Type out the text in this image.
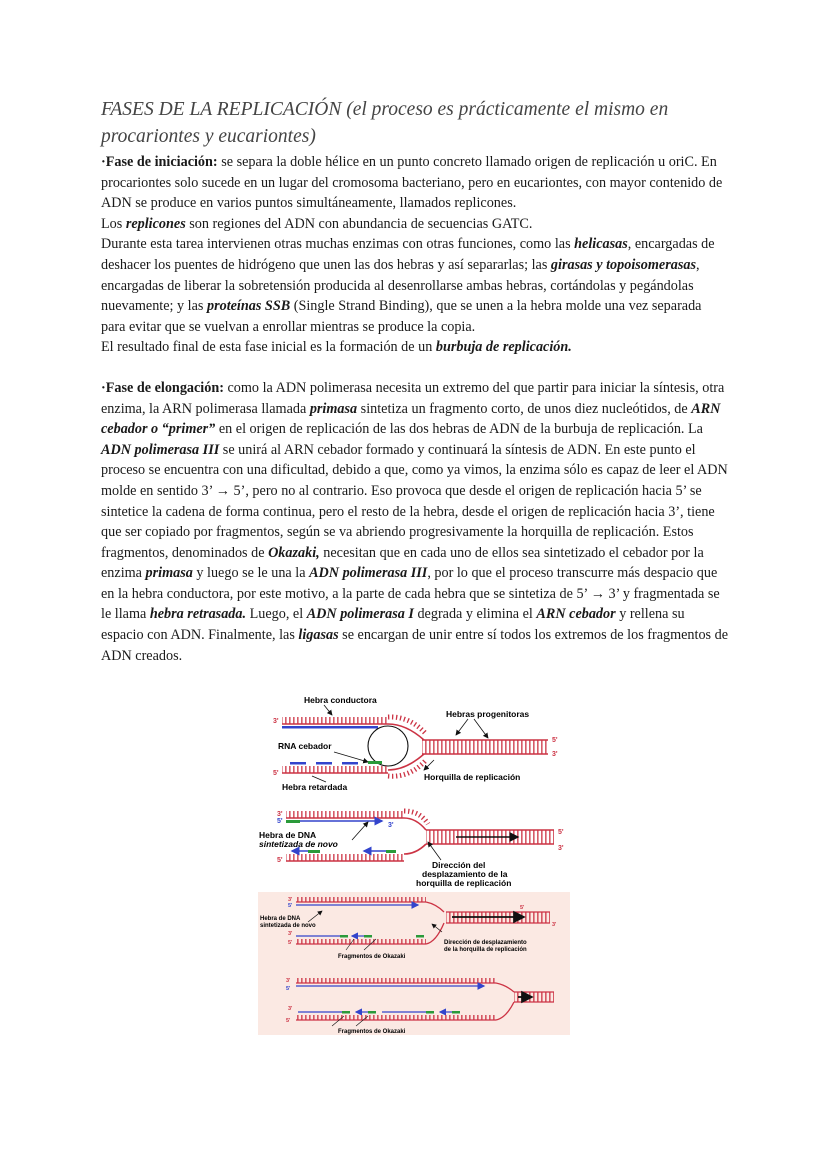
FASES DE LA REPLICACIÓN (el proceso es prácticamente el mismo en procariontes y eucariontes)

·Fase de iniciación: se separa la doble hélice en un punto concreto llamado origen de replicación u oriC. En procariontes solo sucede en un lugar del cromosoma bacteriano, pero en eucariontes, con mayor contenido de ADN se produce en varios puntos simultáneamente, llamados replicones.

Los replicones son regiones del ADN con abundancia de secuencias GATC.

Durante esta tarea intervienen otras muchas enzimas con otras funciones, como las helicasas, encargadas de deshacer los puentes de hidrógeno que unen las dos hebras y así separarlas; las girasas y topoisomerasas, encargadas de liberar la sobretensión producida al desenrollarse ambas hebras, cortándolas y pegándolas nuevamente; y las proteínas SSB (Single Strand Binding), que se unen a la hebra molde una vez separada para evitar que se vuelvan a enrollar mientras se produce la copia.

El resultado final de esta fase inicial es la formación de un burbuja de replicación.

·Fase de elongación: como la ADN polimerasa necesita un extremo del que partir para iniciar la síntesis, otra enzima, la ARN polimerasa llamada primasa sintetiza un fragmento corto, de unos diez nucleótidos, de ARN cebador o “primer” en el origen de replicación de las dos hebras de ADN de la burbuja de replicación. La ADN polimerasa III se unirá al ARN cebador formado y continuará la síntesis de ADN. En este punto el proceso se encuentra con una dificultad, debido a que, como ya vimos, la enzima sólo es capaz de leer el ADN molde en sentido 3’ → 5’, pero no al contrario. Eso provoca que desde el origen de replicación hacia 5’ se sintetice la cadena de forma continua, pero el resto de la hebra, desde el origen de replicación hacia 3’, tiene que ser copiado por fragmentos, según se va abriendo progresivamente la horquilla de replicación. Estos fragmentos, denominados de Okazaki, necesitan que en cada uno de ellos sea sintetizado el cebador por la enzima primasa y luego se le una la ADN polimerasa III, por lo que el proceso transcurre más despacio que en la hebra conductora, por este motivo, a la parte de cada hebra que se sintetiza de 5’ → 3’ y fragmentada se le llama hebra retrasada. Luego, el ADN polimerasa I degrada y elimina el ARN cebador y rellena su espacio con ADN. Finalmente, las ligasas se encargan de unir entre sí todos los extremos de los fragmentos de ADN creados.

Hebra conductora
Hebras progenitoras
3'
5'
3'
RNA cebador
5'	Horquilla de replicación
Hebra retardada
3'
5'
3'
5'
3'
Hebra de DNA
sintetizada de novo
5'	Dirección del
desplazamiento de la
horquilla de replicación
3'
5'	5'
3'
Hebra de DNA
sintetizada de novo
3'
5'	Dirección de desplazamiento
de la horquilla de replicación
Fragmentos de Okazaki
3'
5'
3'
5'
Fragmentos de Okazaki
